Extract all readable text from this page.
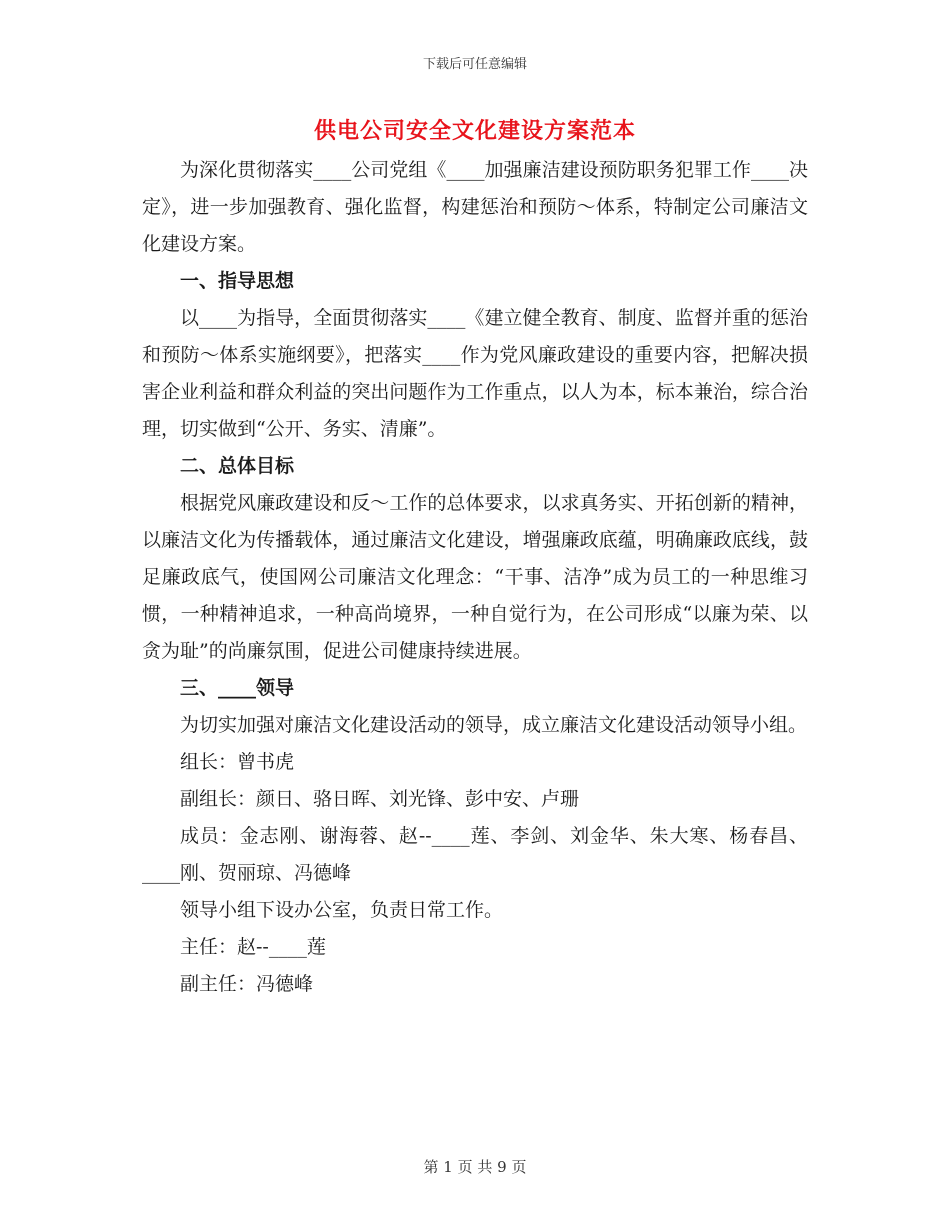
下载后可任意编辑
供电公司安全文化建设方案范本

为深化贯彻落实____公司党组《____加强廉洁建设预防职务犯罪工作____决定》，进一步加强教育、强化监督，构建惩治和预防～体系，特制定公司廉洁文化建设方案。

一、指导思想

以____为指导，全面贯彻落实____《建立健全教育、制度、监督并重的惩治和预防～体系实施纲要》，把落实____作为党风廉政建设的重要内容，把解决损害企业利益和群众利益的突出问题作为工作重点，以人为本，标本兼治，综合治理，切实做到“公开、务实、清廉”。

二、总体目标

根据党风廉政建设和反～工作的总体要求，以求真务实、开拓创新的精神，以廉洁文化为传播载体，通过廉洁文化建设，增强廉政底蕴，明确廉政底线，鼓足廉政底气，使国网公司廉洁文化理念：“干事、洁净”成为员工的一种思维习惯，一种精神追求，一种高尚境界，一种自觉行为，在公司形成“以廉为荣、以贪为耻”的尚廉氛围，促进公司健康持续进展。

三、____领导

为切实加强对廉洁文化建设活动的领导，成立廉洁文化建设活动领导小组。

组长：曾书虎

副组长：颜日、骆日晖、刘光锋、彭中安、卢珊

成员：金志刚、谢海蓉、赵--____莲、李剑、刘金华、朱大寒、杨春昌、____刚、贺丽琼、冯德峰

领导小组下设办公室，负责日常工作。

主任：赵--____莲

副主任：冯德峰

第 1 页 共 9 页
